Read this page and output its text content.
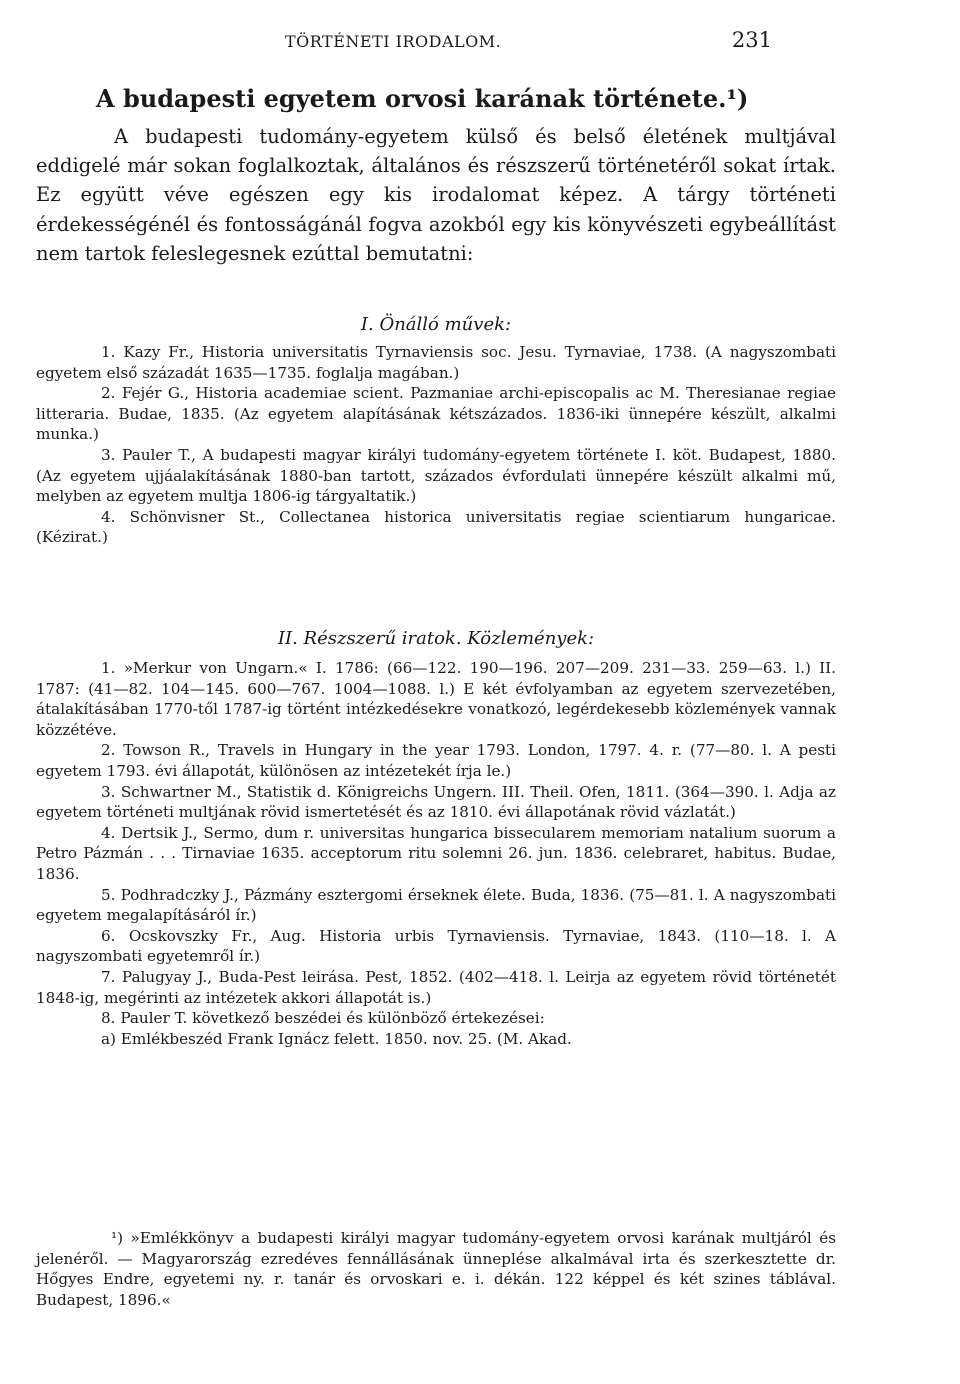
TÖRTÉNETI IRODALOM.	231
A budapesti egyetem orvosi karának története.¹)
A budapesti tudomány-egyetem külső és belső életének multjával eddigelé már sokan foglalkoztak, általános és részszerű történetéről sokat írtak. Ez együtt véve egészen egy kis irodalomat képez. A tárgy történeti érdekességénél és fontosságánál fogva azokból egy kis könyvészeti egybeállítást nem tartok feleslegesnek ezúttal bemutatni:
I. Önálló művek:
1. Kazy Fr., Historia universitatis Tyrnaviensis soc. Jesu. Tyrnaviae, 1738. (A nagyszombati egyetem első századát 1635—1735. foglalja magában.)
2. Fejér G., Historia academiae scient. Pazmaniae archi-episcopalis ac M. Theresianae regiae litteraria. Budae, 1835. (Az egyetem alapításának kétszázados. 1836-iki ünnepére készült, alkalmi munka.)
3. Pauler T., A budapesti magyar királyi tudomány-egyetem története I. köt. Budapest, 1880. (Az egyetem ujjáalakításának 1880-ban tartott, százados évfordulati ünnepére készült alkalmi mű, melyben az egyetem multja 1806-ig tárgyaltatik.)
4. Schönvisner St., Collectanea historica universitatis regiae scientiarum hungaricae. (Kézirat.)
II. Részszerű iratok. Közlemények:
1. »Merkur von Ungarn.« I. 1786: (66—122. 190—196. 207—209. 231—33. 259—63. l.) II. 1787: (41—82. 104—145. 600—767. 1004—1088. l.) E két évfolyamban az egyetem szervezetében, átalakításában 1770-től 1787-ig történt intézkedésekre vonatkozó, legérdekesebb közlemények vannak közzétéve.
2. Towson R., Travels in Hungary in the year 1793. London, 1797. 4. r. (77—80. l. A pesti egyetem 1793. évi állapotát, különösen az intézetekét írja le.)
3. Schwartner M., Statistik d. Königreichs Ungern. III. Theil. Ofen, 1811. (364—390. l. Adja az egyetem történeti multjának rövid ismertetését és az 1810. évi állapotának rövid vázlatát.)
4. Dertsik J., Sermo, dum r. universitas hungarica bissecularem memoriam natalium suorum a Petro Pázmán . . . Tirnaviae 1635. acceptorum ritu solemni 26. jun. 1836. celebraret, habitus. Budae, 1836.
5. Podhradczky J., Pázmány esztergomi érseknek élete. Buda, 1836. (75—81. l. A nagyszombati egyetem megalapításáról ír.)
6. Ocskovszky Fr., Aug. Historia urbis Tyrnaviensis. Tyrnaviae, 1843. (110—18. l. A nagyszombati egyetemről ír.)
7. Palugyay J., Buda-Pest leirása. Pest, 1852. (402—418. l. Leirja az egyetem rövid történetét 1848-ig, megérinti az intézetek akkori állapotát is.)
8. Pauler T. következő beszédei és különböző értekezései:
a) Emlékbeszéd Frank Ignácz felett. 1850. nov. 25. (M. Akad.
¹) »Emlékkönyv a budapesti királyi magyar tudomány-egyetem orvosi karának multjáról és jelenéről. — Magyarország ezredéves fennállásának ünneplése alkalmával irta és szerkesztette dr. Hőgyes Endre, egyetemi ny. r. tanár és orvoskari e. i. dékán. 122 képpel és két szines táblával. Budapest, 1896.«
